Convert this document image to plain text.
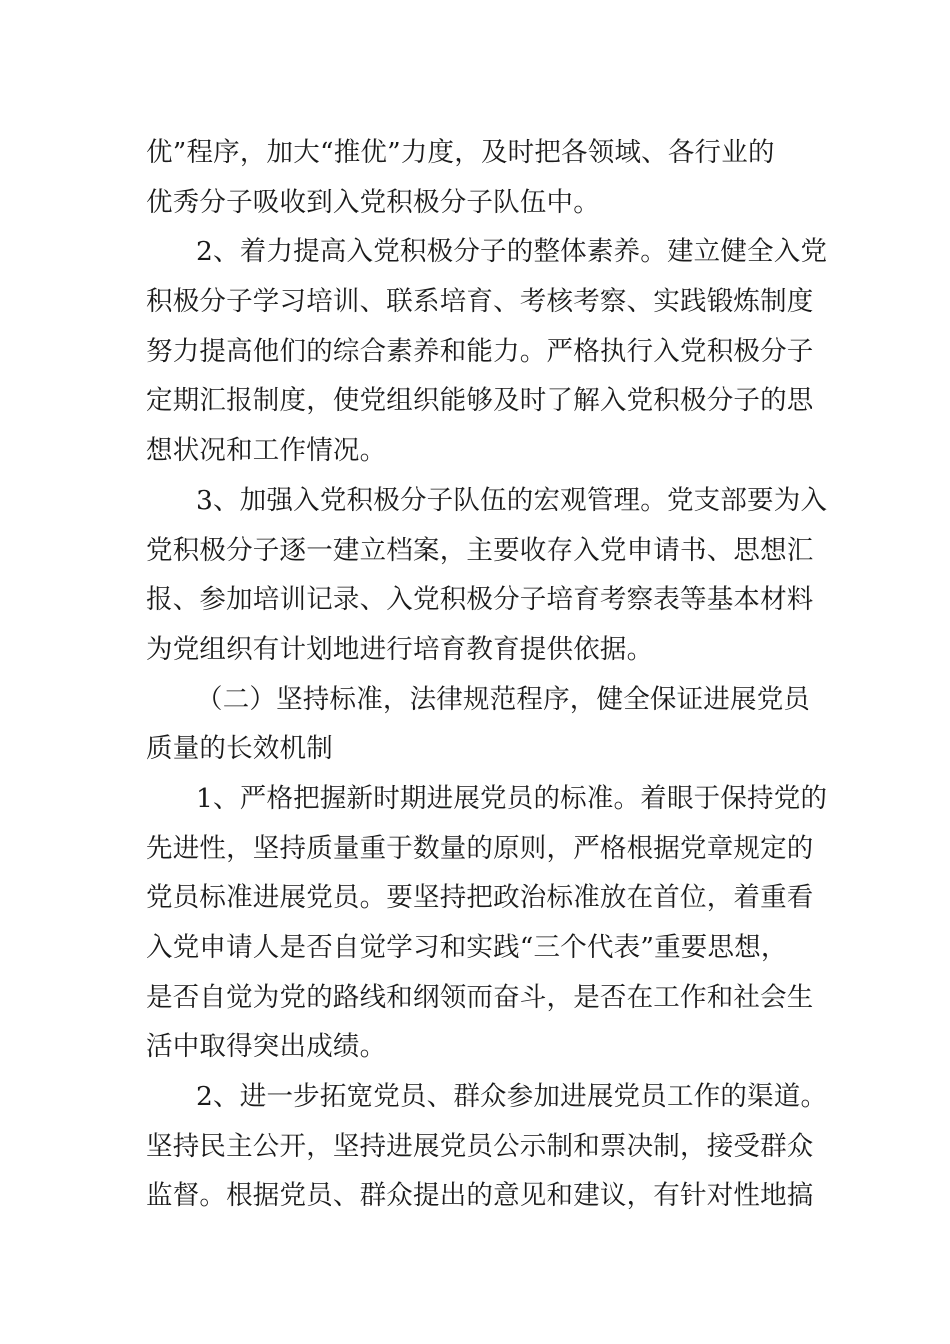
优”程序，加大“推优”力度，及时把各领域、各行业的
优秀分子吸收到入党积极分子队伍中。
2、着力提高入党积极分子的整体素养。建立健全入党
积极分子学习培训、联系培育、考核考察、实践锻炼制度
努力提高他们的综合素养和能力。严格执行入党积极分子
定期汇报制度，使党组织能够及时了解入党积极分子的思
想状况和工作情况。
3、加强入党积极分子队伍的宏观管理。党支部要为入
党积极分子逐一建立档案，主要收存入党申请书、思想汇
报、参加培训记录、入党积极分子培育考察表等基本材料
为党组织有计划地进行培育教育提供依据。
（二）坚持标准，法律规范程序，健全保证进展党员
质量的长效机制
1、严格把握新时期进展党员的标准。着眼于保持党的
先进性，坚持质量重于数量的原则，严格根据党章规定的
党员标准进展党员。要坚持把政治标准放在首位，着重看
入党申请人是否自觉学习和实践“三个代表”重要思想，
是否自觉为党的路线和纲领而奋斗，是否在工作和社会生
活中取得突出成绩。
2、进一步拓宽党员、群众参加进展党员工作的渠道。
坚持民主公开，坚持进展党员公示制和票决制，接受群众
监督。根据党员、群众提出的意见和建议，有针对性地搞
